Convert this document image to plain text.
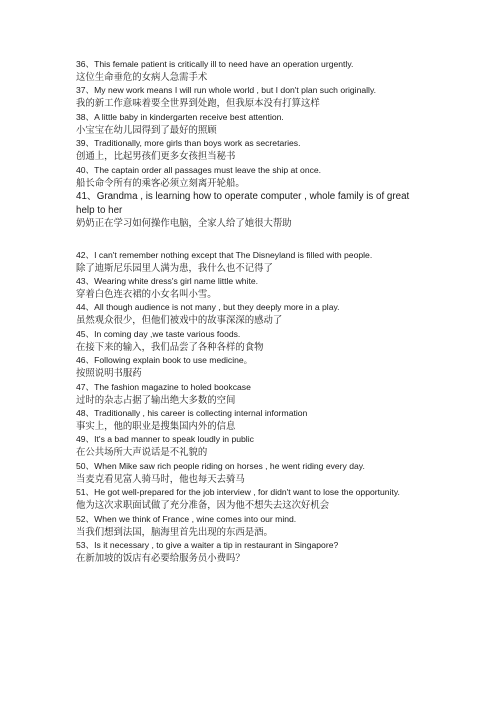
36、This female patient is critically ill to need have an operation urgently.

这位生命垂危的女病人急需手术

37、My new work means I will run whole world , but I don't plan such originally.

我的新工作意味着要全世界到处跑，但我原本没有打算这样

38、A little baby in kindergarten receive best attention.

小宝宝在幼儿园得到了最好的照顾

39、Traditionally, more girls than boys work as secretaries.

创通上，比起男孩们更多女孩担当秘书

40、The captain order all passages must leave the ship at once.

船长命令所有的乘客必须立刻离开轮船。

41、Grandma , is learning how to operate computer , whole family is of great help to her

奶奶正在学习如何操作电脑，全家人给了她很大帮助

42、I can't remember nothing except that The Disneyland is filled with people.

除了迪斯尼乐园里人满为患，我什么也不记得了

43、Wearing white dress's girl name little white.

穿着白色连衣裙的小女名叫小雪。

44、All though audience is not many , but they deeply more in a play.

虽然观众很少，但他们被戏中的故事深深的感动了

45、In coming day ,we taste various foods.

在接下来的输入，我们品尝了各种各样的食物

46、Following explain book to use medicine。

按照说明书服药

47、The fashion magazine to holed bookcase

过时的杂志占据了输出绝大多数的空间

48、Traditionally , his career is collecting internal information

事实上，他的职业是搜集国内外的信息

49、It's a bad manner to speak loudly in public

在公共场所大声说话是不礼貌的

50、When Mike saw rich people riding on horses , he went riding every day.

当麦克看见富人骑马时，他也每天去骑马

51、He got well-prepared for the job interview , for didn't want to lose the opportunity.

他为这次求职面试做了充分准备，因为他不想失去这次好机会

52、When we think of France , wine comes into our mind.

当我们想到法国，脑海里首先出现的东西是酒。

53、Is it necessary , to give a waiter a tip in restaurant in Singapore?

在新加坡的饭店有必要给服务员小费吗？
